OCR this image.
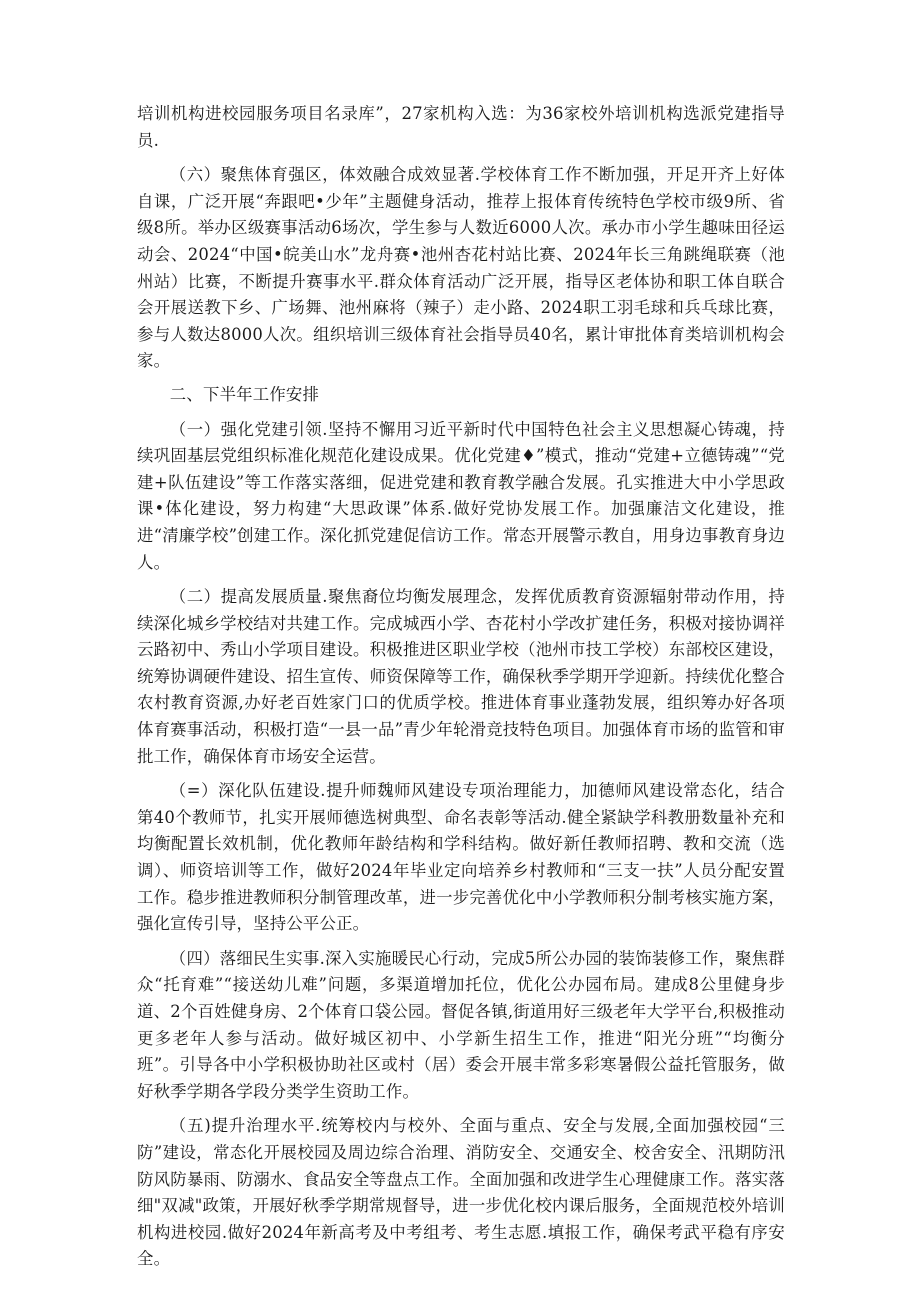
培训机构进校园服务项目名录库”，27家机构入选：为36家校外培训机构选派党建指导员.

（六）聚焦体育强区，体效融合成效显著.学校体育工作不断加强，开足开齐上好体自课，广泛开展“奔跟吧•少年”主题健身活动，推荐上报体育传统特色学校市级9所、省级8所。举办区级赛事活动6场次，学生参与人数近6000人次。承办市小学生趣味田径运动会、2024“中国•皖美山水”龙舟赛•池州杏花村站比赛、2024年长三角跳绳联赛（池州站）比赛，不断提升赛事水平.群众体育活动广泛开展，指导区老体协和职工体自联合会开展送教下乡、广场舞、池州麻将（辣子）走小路、2024职工羽毛球和兵乓球比赛，参与人数达8000人次。组织培训三级体育社会指导员40名，累计审批体育类培训机构会家。

二、下半年工作安排

（一）强化党建引领.坚持不懈用习近平新时代中国特色社会主义思想凝心铸魂，持续巩固基层党组织标准化规范化建设成果。优化党建♦”模式，推动“党建+立德铸魂”“党建+队伍建设”等工作落实落细，促进党建和教育教学融合发展。孔实推进大中小学思政课•体化建设，努力构建“大思政课”体系.做好党协发展工作。加强廉洁文化建设，推进“清廉学校”创建工作。深化抓党建促信访工作。常态开展警示教自，用身边事教育身边人。

（二）提高发展质量.聚焦裔位均衡发展理念，发挥优质教育资源辐射带动作用，持续深化城乡学校结对共建工作。完成城西小学、杏花村小学改扩建任务，积极对接协调祥云路初中、秀山小学项目建设。积极推进区职业学校（池州市技工学校）东部校区建设，统筹协调硬件建设、招生宣传、师资保障等工作，确保秋季学期开学迎新。持续优化整合农村教育资源,办好老百姓家门口的优质学校。推进体育事业蓬勃发展，组织筹办好各项体育赛事活动，积极打造“一县一品”青少年轮滑竞技特色项目。加强体育市场的监管和审批工作，确保体育市场安全运营。

（=）深化队伍建设.提升师魏师风建设专项治理能力，加德师风建设常态化，结合第40个教师节，扎实开展师德选树典型、命名表彰等活动.健全紧缺学科教册数量补充和均衡配置长效机制，优化教师年龄结构和学科结构。做好新任教师招聘、教和交流（选调）、师资培训等工作，做好2024年毕业定向培养乡村教师和“三支一扶”人员分配安置工作。稳步推进教师积分制管理改革，进一步完善优化中小学教师积分制考核实施方案，强化宣传引导，坚持公平公正。

（四）落细民生实事.深入实施暖民心行动，完成5所公办园的装饰装修工作，聚焦群众“托育难”“接送幼儿难”问题，多渠道增加托位，优化公办园布局。建成8公里健身步道、2个百姓健身房、2个体育口袋公园。督促各镇,街道用好三级老年大学平台,积极推动更多老年人参与活动。做好城区初中、小学新生招生工作，推进“阳光分班”“均衡分班”。引导各中小学积极协助社区或村（居）委会开展丰常多彩寒暑假公益托管服务，做好秋季学期各学段分类学生资助工作。

（五)提升治理水平.统筹校内与校外、全面与重点、安全与发展,全面加强校园“三防”建设，常态化开展校园及周边综合治理、消防安全、交通安全、校舍安全、汛期防汛防风防暴雨、防溺水、食品安全等盘点工作。全面加强和改进学生心理健康工作。落实落细"双减"政策，开展好秋季学期常规督导，进一步优化校内课后服务，全面规范校外培训机构进校园.做好2024年新高考及中考组考、考生志愿.填报工作，确保考武平稳有序安全。
